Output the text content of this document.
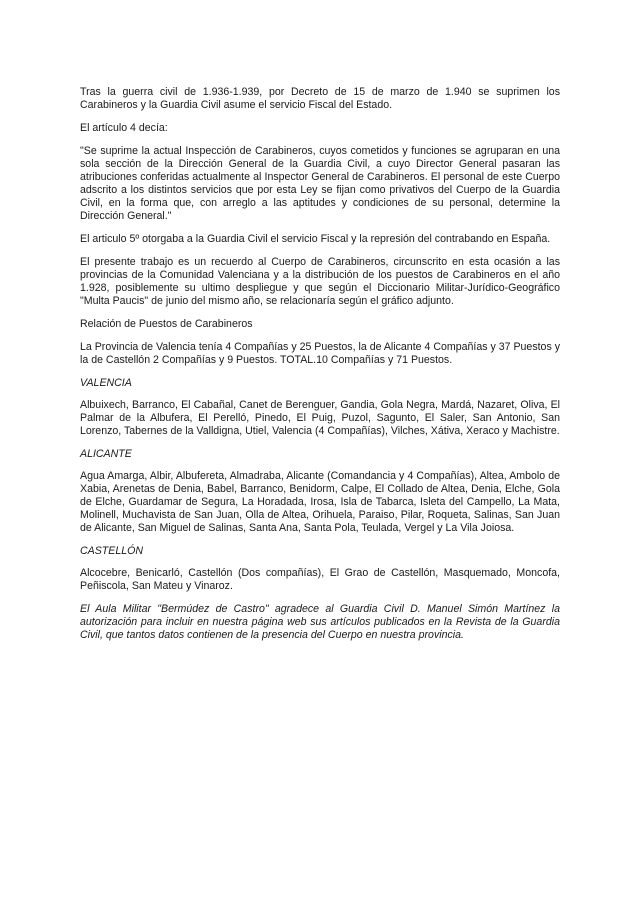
Tras la guerra civil de 1.936-1.939, por Decreto de 15 de marzo de 1.940 se suprimen los Carabineros y la Guardia Civil asume el servicio Fiscal del Estado.

El artículo 4 decía:

"Se suprime la actual Inspección de Carabineros, cuyos cometidos y funciones se agruparan en una sola sección de la Dirección General de la Guardia Civil, a cuyo Director General pasaran las atribuciones conferidas actualmente al Inspector General de Carabineros. El personal de este Cuerpo adscrito a los distintos servicios que por esta Ley se fijan como privativos del Cuerpo de la Guardia Civil, en la forma que, con arreglo a las aptitudes y condiciones de su personal, determine la Dirección General."

El articulo 5º otorgaba a la Guardia Civil el servicio Fiscal y la represión del contrabando en España.

El presente trabajo es un recuerdo al Cuerpo de Carabineros, circunscrito en esta ocasión a las provincias de la Comunidad Valenciana y a la distribución de los puestos de Carabineros en el año 1.928, posiblemente su ultimo despliegue y que según el Diccionario Militar-Jurídico-Geográfico "Multa Paucis" de junio del mismo año, se relacionaría según el gráfico adjunto.

Relación de Puestos de Carabineros

La Provincia de Valencia tenía 4 Compañías y 25 Puestos, la de Alicante 4 Compañías y 37 Puestos y la de Castellón 2 Compañías y 9 Puestos. TOTAL.10 Compañías y 71 Puestos.

VALENCIA

Albuixech, Barranco, El Cabañal, Canet de Berenguer, Gandia, Gola Negra, Mardá, Nazaret, Oliva, El Palmar de la Albufera, El Perelló, Pinedo, El Puig, Puzol, Sagunto, El Saler, San Antonio, San Lorenzo, Tabernes de la Valldigna, Utiel, Valencia (4 Compañías), Vilches, Xátiva, Xeraco y Machistre.

ALICANTE

Agua Amarga, Albir, Albufereta, Almadraba, Alicante (Comandancia y 4 Compañías), Altea, Ambolo de Xabia, Arenetas de Denia, Babel, Barranco, Benidorm, Calpe, El Collado de Altea, Denia, Elche, Gola de Elche, Guardamar de Segura, La Horadada, Irosa, Isla de Tabarca, Isleta del Campello, La Mata, Molinell, Muchavista de San Juan, Olla de Altea, Orihuela, Paraiso, Pilar, Roqueta, Salinas, San Juan de Alicante, San Miguel de Salinas, Santa Ana, Santa Pola, Teulada, Vergel y La Vila Joiosa.

CASTELLÓN

Alcocebre, Benicarló, Castellón (Dos compañías), El Grao de Castellón, Masquemado, Moncofa, Peñiscola, San Mateu y Vinaroz.

El Aula Militar "Bermúdez de Castro" agradece al Guardia Civil D. Manuel Simón Martínez la autorización para incluir en nuestra página web sus artículos publicados en la Revista de la Guardia Civil, que tantos datos contienen de la presencia del Cuerpo en nuestra provincia.
